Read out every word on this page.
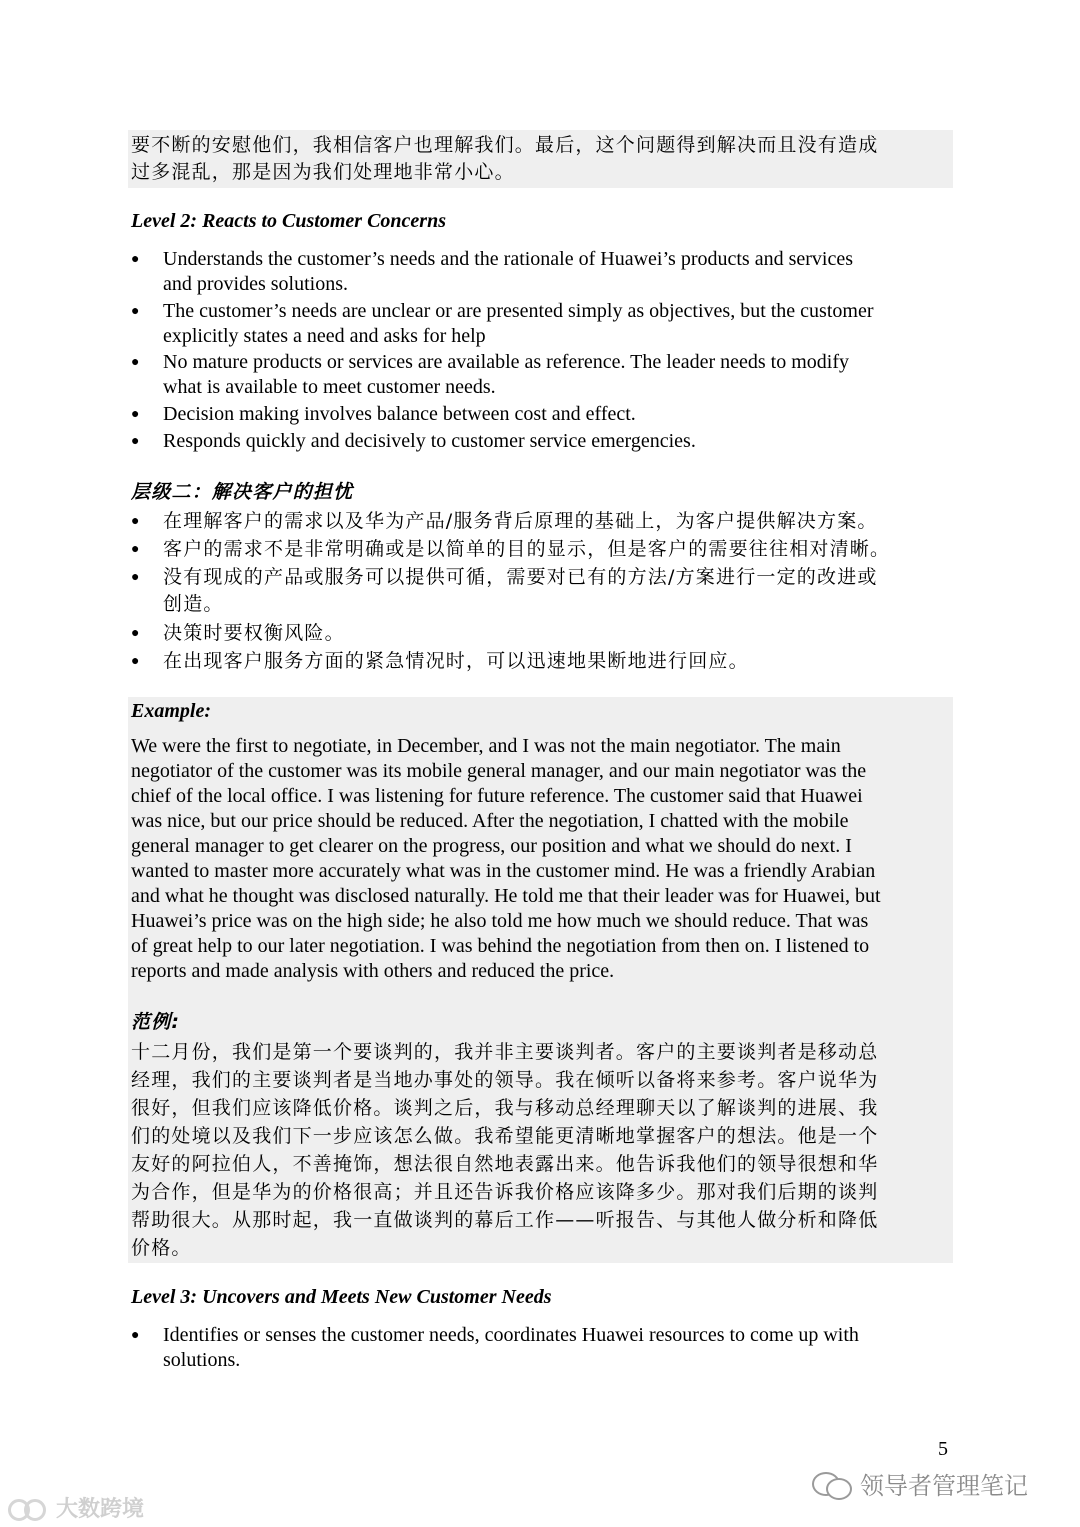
要不断的安慰他们，我相信客户也理解我们。最后，这个问题得到解决而且没有造成
过多混乱，那是因为我们处理地非常小心。
Level 2: Reacts to Customer Concerns
● Understands the customer’s needs and the rationale of Huawei’s products and services
and provides solutions.
● The customer’s needs are unclear or are presented simply as objectives, but the customer
explicitly states a need and asks for help
● No mature products or services are available as reference. The leader needs to modify
what is available to meet customer needs.
● Decision making involves balance between cost and effect.
● Responds quickly and decisively to customer service emergencies.
层级二：解决客户的担忧
● 在理解客户的需求以及华为产品/服务背后原理的基础上，为客户提供解决方案。
● 客户的需求不是非常明确或是以简单的目的显示，但是客户的需要往往相对清晰。
● 没有现成的产品或服务可以提供可循，需要对已有的方法/方案进行一定的改进或
创造。
● 决策时要权衡风险。
● 在出现客户服务方面的紧急情况时，可以迅速地果断地进行回应。
Example:
We were the first to negotiate, in December, and I was not the main negotiator. The main
negotiator of the customer was its mobile general manager, and our main negotiator was the
chief of the local office. I was listening for future reference. The customer said that Huawei
was nice, but our price should be reduced. After the negotiation, I chatted with the mobile
general manager to get clearer on the progress, our position and what we should do next. I
wanted to master more accurately what was in the customer mind. He was a friendly Arabian
and what he thought was disclosed naturally. He told me that their leader was for Huawei, but
Huawei’s price was on the high side; he also told me how much we should reduce. That was
of great help to our later negotiation. I was behind the negotiation from then on. I listened to
reports and made analysis with others and reduced the price.
范例:
十二月份，我们是第一个要谈判的，我并非主要谈判者。客户的主要谈判者是移动总
经理，我们的主要谈判者是当地办事处的领导。我在倾听以备将来参考。客户说华为
很好，但我们应该降低价格。谈判之后，我与移动总经理聊天以了解谈判的进展、我
们的处境以及我们下一步应该怎么做。我希望能更清晰地掌握客户的想法。他是一个
友好的阿拉伯人，不善掩饰，想法很自然地表露出来。他告诉我他们的领导很想和华
为合作，但是华为的价格很高；并且还告诉我价格应该降多少。那对我们后期的谈判
帮助很大。从那时起，我一直做谈判的幕后工作——听报告、与其他人做分析和降低
价格。
Level 3: Uncovers and Meets New Customer Needs
● Identifies or senses the customer needs, coordinates Huawei resources to come up with
solutions.
5
领导者管理笔记
大数跨境
